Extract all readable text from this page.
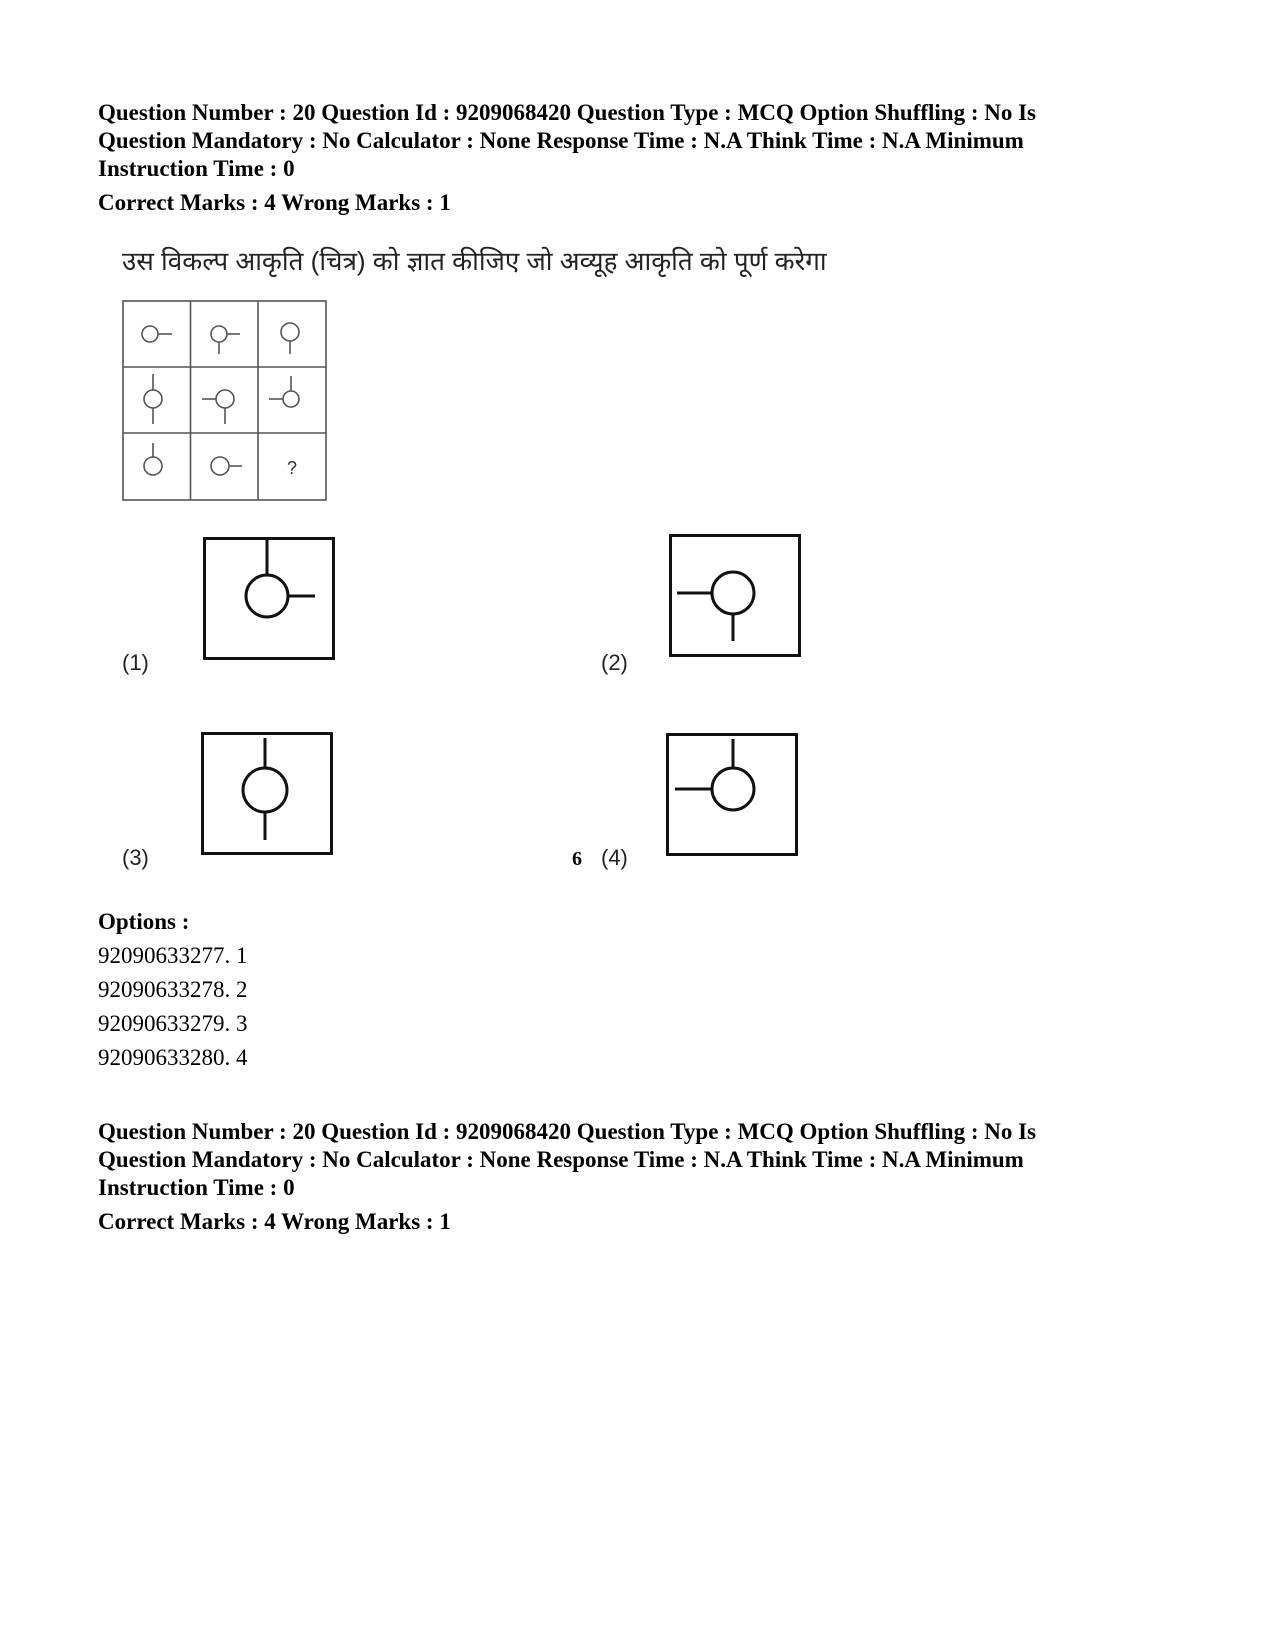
Question Number : 20 Question Id : 9209068420 Question Type : MCQ Option Shuffling : No Is

Question Mandatory : No Calculator : None Response Time : N.A Think Time : N.A Minimum

Instruction Time : 0

Correct Marks : 4 Wrong Marks : 1

उस विकल्प आकृति (चित्र) को ज्ञात कीजिए जो अव्यूह आकृति को पूर्ण करेगा
?
(1)	(2)
(3)	6 (4)
Options :
92090633277. 1
92090633278. 2
92090633279. 3
92090633280. 4

Question Number : 20 Question Id : 9209068420 Question Type : MCQ Option Shuffling : No Is

Question Mandatory : No Calculator : None Response Time : N.A Think Time : N.A Minimum

Instruction Time : 0

Correct Marks : 4 Wrong Marks : 1
